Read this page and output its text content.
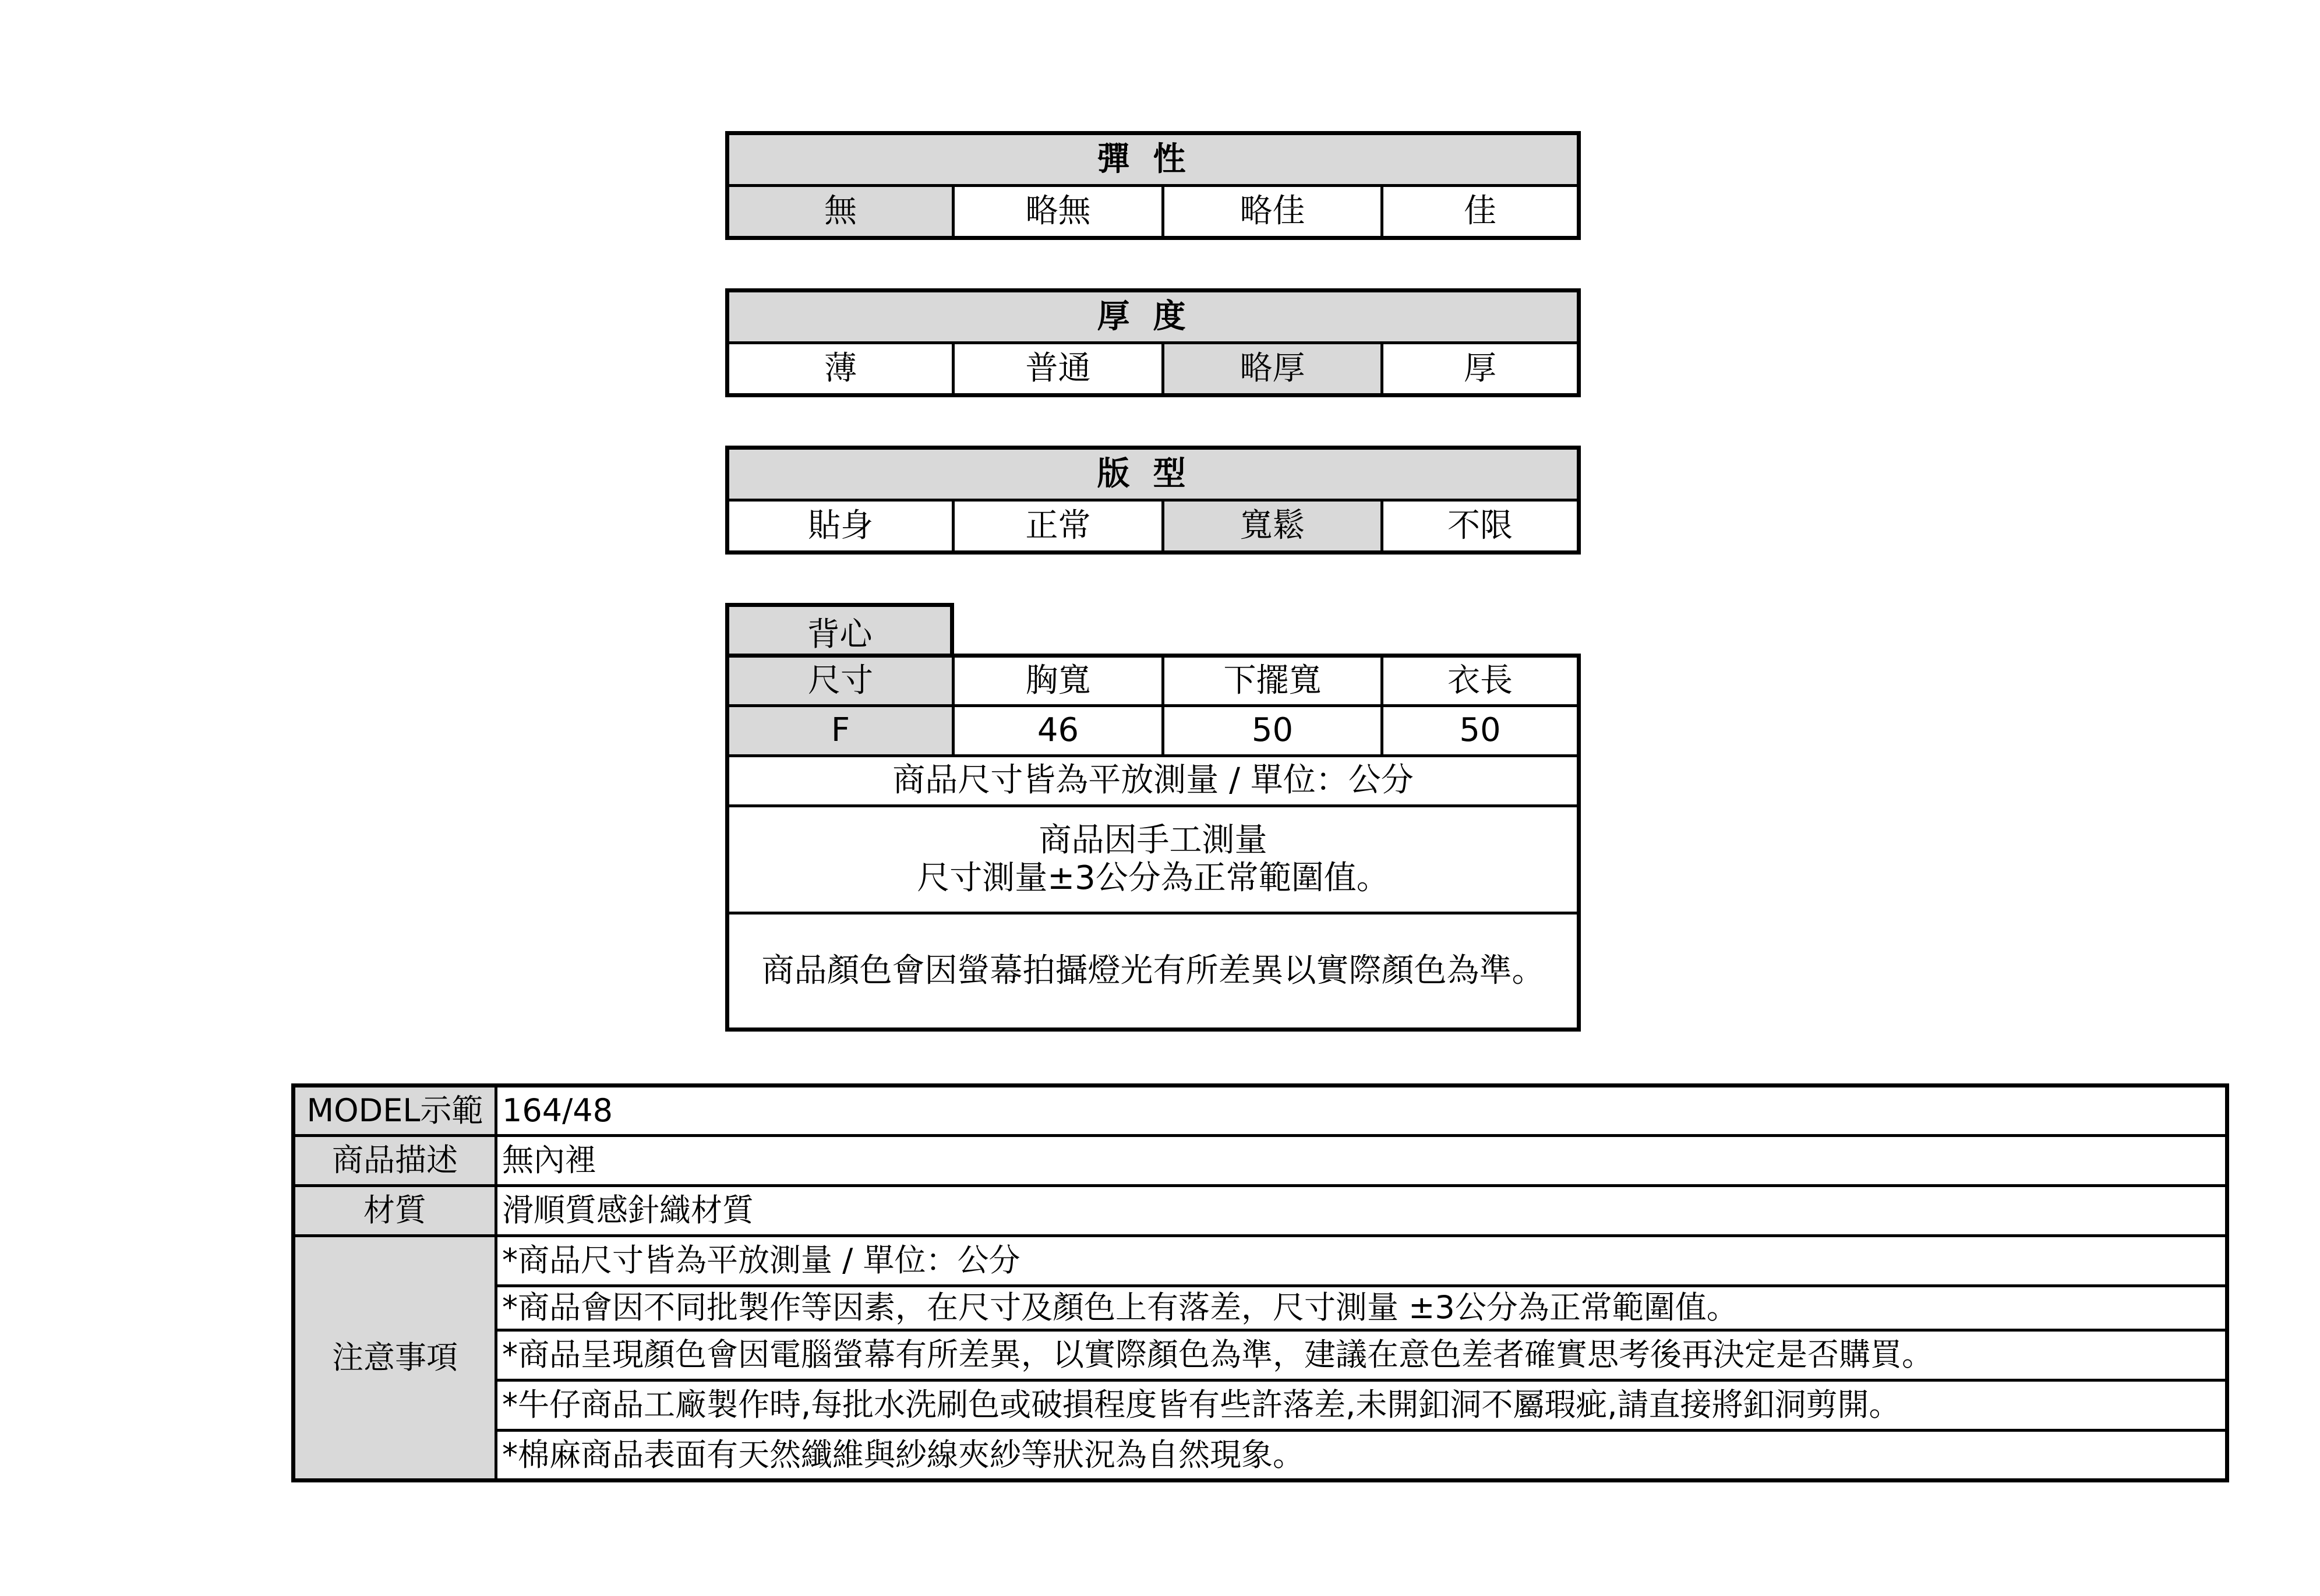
彈性
無	略無	略佳	佳
厚度
薄	普通	略厚	厚
版型
貼身	正常	寬鬆	不限
背心
尺寸	胸寬	下擺寬	衣長
F	46	50	50
商品尺寸皆為平放測量 / 單位：公分			

商品因手工測量
尺寸測量±3公分為正常範圍值。			

商品顏色會因螢幕拍攝燈光有所差異以實際顏色為準。			
MODEL示範	164/48
商品描述	無內裡
材質	滑順質感針織材質
注意事項	*商品尺寸皆為平放測量 / 單位：公分
	*商品會因不同批製作等因素，在尺寸及顏色上有落差，尺寸測量 ±3公分為正常範圍值。
	*商品呈現顏色會因電腦螢幕有所差異，以實際顏色為準，建議在意色差者確實思考後再決定是否購買。
	*牛仔商品工廠製作時,每批水洗刷色或破損程度皆有些許落差,未開釦洞不屬瑕疵,請直接將釦洞剪開。
	*棉麻商品表面有天然纖維與紗線夾紗等狀況為自然現象。
